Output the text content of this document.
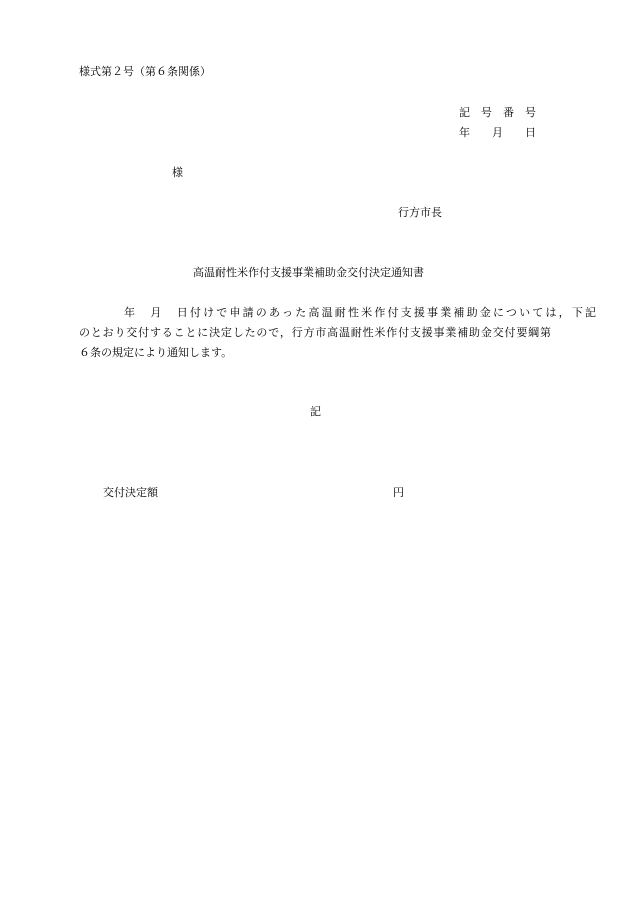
様式第２号（第６条関係）
記　号　番　号
年　　月　　日
様
行方市長
高温耐性米作付支援事業補助金交付決定通知書
年　月　日付けで申請のあった高温耐性米作付支援事業補助金については，下記
のとおり交付することに決定したので，行方市高温耐性米作付支援事業補助金交付要綱第
６条の規定により通知します。
記
交付決定額	円
